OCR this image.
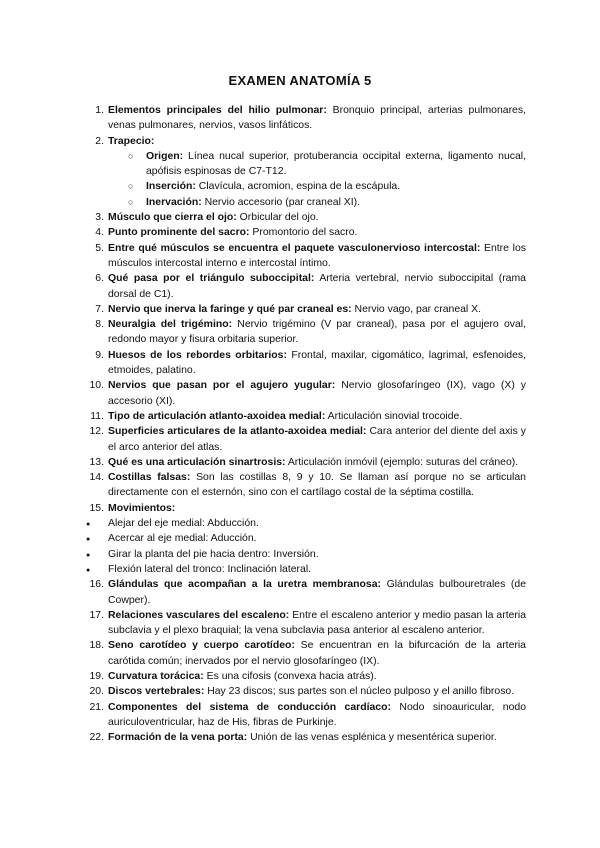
EXAMEN ANATOMÍA 5
1. Elementos principales del hilio pulmonar: Bronquio principal, arterias pulmonares, venas pulmonares, nervios, vasos linfáticos.
2. Trapecio:
○ Origen: Línea nucal superior, protuberancia occipital externa, ligamento nucal, apófisis espinosas de C7-T12.
○ Inserción: Clavícula, acromion, espina de la escápula.
○ Inervación: Nervio accesorio (par craneal XI).
3. Músculo que cierra el ojo: Orbicular del ojo.
4. Punto prominente del sacro: Promontorio del sacro.
5. Entre qué músculos se encuentra el paquete vasculonervioso intercostal: Entre los músculos intercostal interno e intercostal íntimo.
6. Qué pasa por el triángulo suboccipital: Arteria vertebral, nervio suboccipital (rama dorsal de C1).
7. Nervio que inerva la faringe y qué par craneal es: Nervio vago, par craneal X.
8. Neuralgia del trigémino: Nervio trigémino (V par craneal), pasa por el agujero oval, redondo mayor y fisura orbitaria superior.
9. Huesos de los rebordes orbitarios: Frontal, maxilar, cigomático, lagrimal, esfenoides, etmoides, palatino.
10. Nervios que pasan por el agujero yugular: Nervio glosofaríngeo (IX), vago (X) y accesorio (XI).
11. Tipo de articulación atlanto-axoidea medial: Articulación sinovial trocoide.
12. Superficies articulares de la atlanto-axoidea medial: Cara anterior del diente del axis y el arco anterior del atlas.
13. Qué es una articulación sinartrosis: Articulación inmóvil (ejemplo: suturas del cráneo).
14. Costillas falsas: Son las costillas 8, 9 y 10. Se llaman así porque no se articulan directamente con el esternón, sino con el cartílago costal de la séptima costilla.
15. Movimientos:
●	Alejar del eje medial: Abducción.
●	Acercar al eje medial: Aducción.
●	Girar la planta del pie hacia dentro: Inversión.
●	Flexión lateral del tronco: Inclinación lateral.
16. Glándulas que acompañan a la uretra membranosa: Glándulas bulbouretrales (de Cowper).
17. Relaciones vasculares del escaleno: Entre el escaleno anterior y medio pasan la arteria subclavia y el plexo braquial; la vena subclavia pasa anterior al escaleno anterior.
18. Seno carotídeo y cuerpo carotídeo: Se encuentran en la bifurcación de la arteria carótida común; inervados por el nervio glosofaríngeo (IX).
19. Curvatura torácica: Es una cifosis (convexa hacia atrás).
20. Discos vertebrales: Hay 23 discos; sus partes son el núcleo pulposo y el anillo fibroso.
21. Componentes del sistema de conducción cardíaco: Nodo sinoauricular, nodo auriculoventricular, haz de His, fibras de Purkinje.
22. Formación de la vena porta: Unión de las venas esplénica y mesentérica superior.
